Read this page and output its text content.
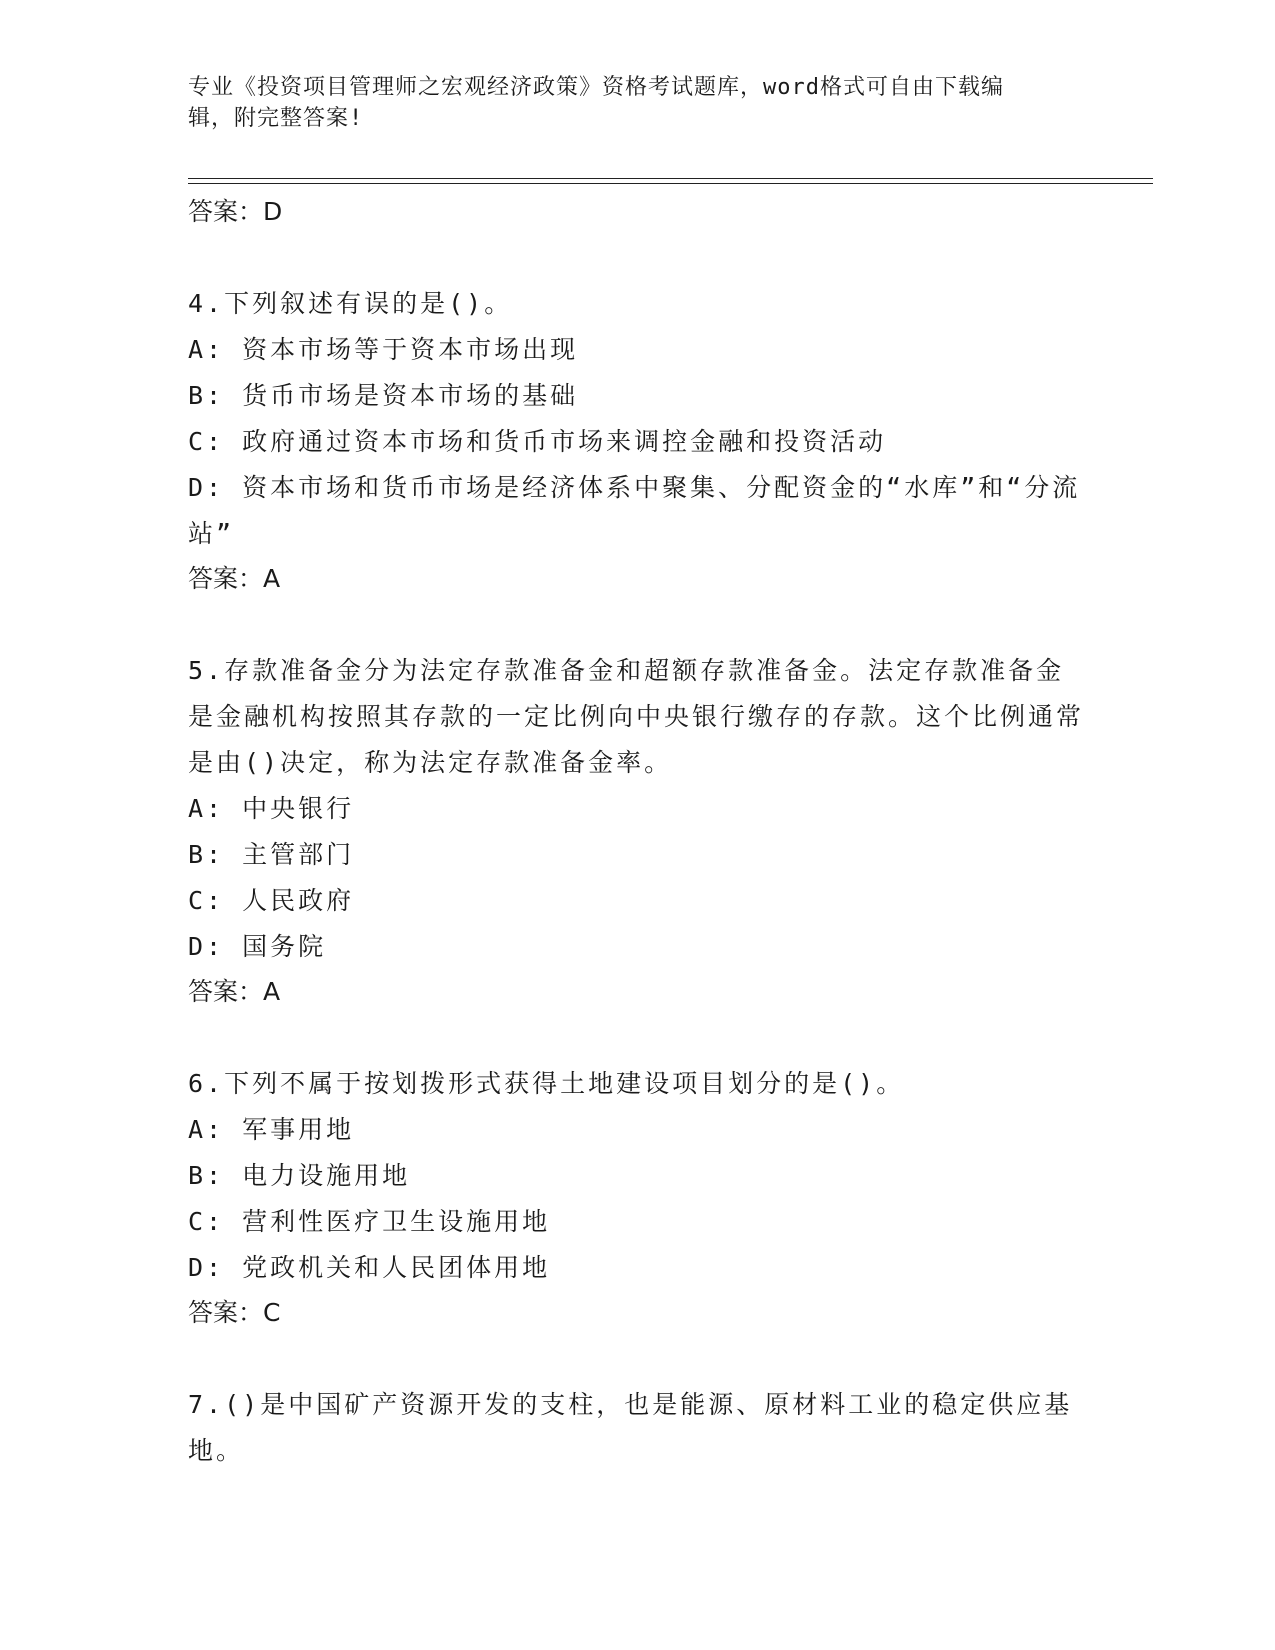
专业《投资项目管理师之宏观经济政策》资格考试题库，word格式可自由下载编
辑，附完整答案!

答案：D

4.下列叙述有误的是()。

A: 资本市场等于资本市场出现

B: 货币市场是资本市场的基础

C: 政府通过资本市场和货币市场来调控金融和投资活动

D: 资本市场和货币市场是经济体系中聚集、分配资金的“水库”和“分流站”

答案：A

5.存款准备金分为法定存款准备金和超额存款准备金。法定存款准备金是金融机构按照其存款的一定比例向中央银行缴存的存款。这个比例通常是由()决定，称为法定存款准备金率。

A: 中央银行

B: 主管部门

C: 人民政府

D: 国务院

答案：A

6.下列不属于按划拨形式获得土地建设项目划分的是()。

A: 军事用地

B: 电力设施用地

C: 营利性医疗卫生设施用地

D: 党政机关和人民团体用地

答案：C

7.()是中国矿产资源开发的支柱，也是能源、原材料工业的稳定供应基地。
